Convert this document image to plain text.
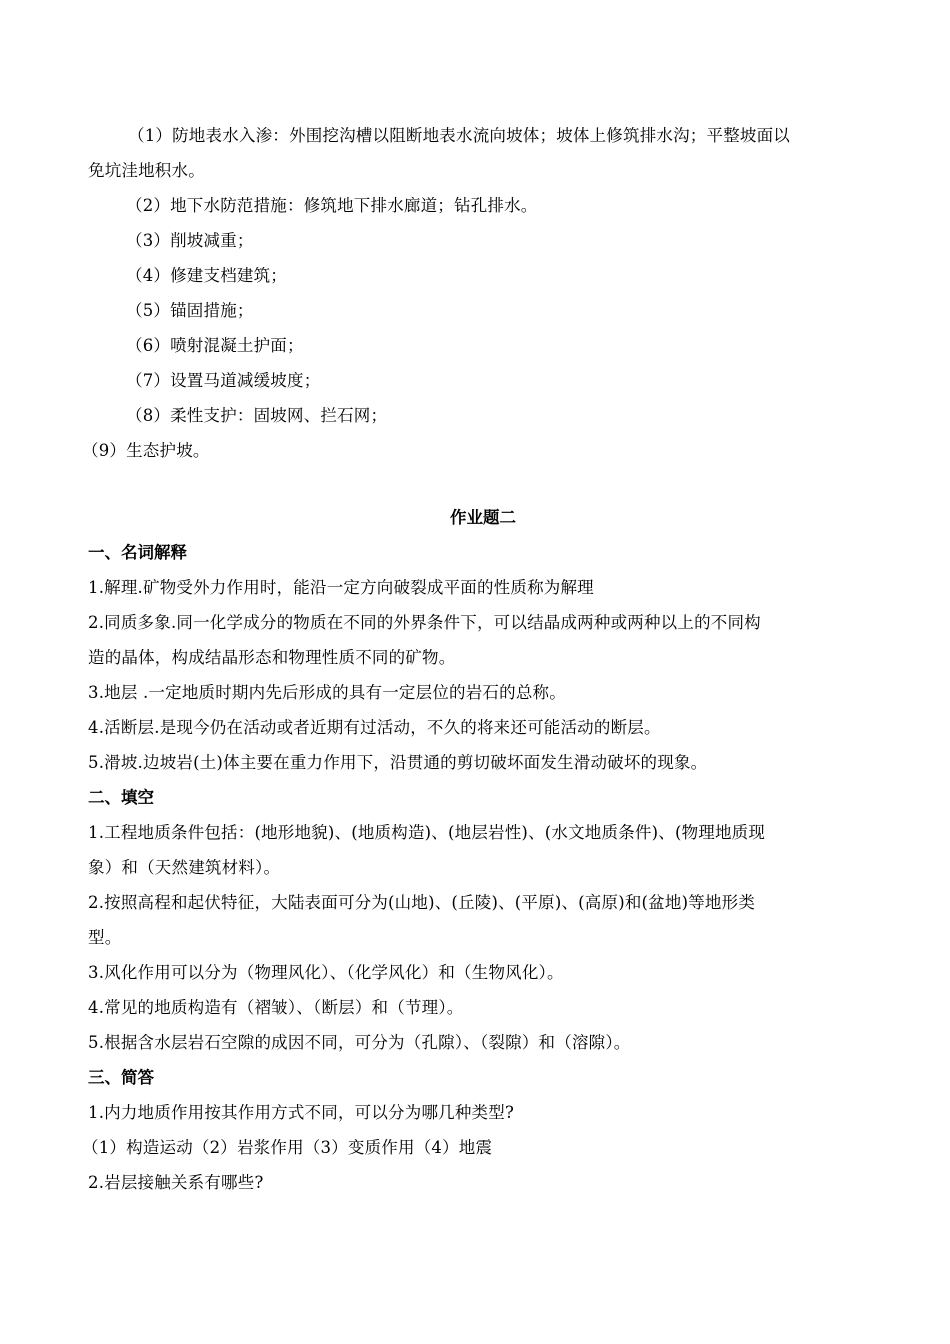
（1）防地表水入渗：外围挖沟槽以阻断地表水流向坡体；坡体上修筑排水沟；平整坡面以
免坑洼地积水。
（2）地下水防范措施：修筑地下排水廊道；钻孔排水。
（3）削坡减重；
（4）修建支档建筑；
（5）锚固措施；
（6）喷射混凝土护面；
（7）设置马道减缓坡度；
（8）柔性支护：固坡网、拦石网；
（9）生态护坡。
作业题二
一、名词解释
1.解理.矿物受外力作用时，能沿一定方向破裂成平面的性质称为解理
2.同质多象.同一化学成分的物质在不同的外界条件下，可以结晶成两种或两种以上的不同构
造的晶体，构成结晶形态和物理性质不同的矿物。
3.地层 .一定地质时期内先后形成的具有一定层位的岩石的总称。
4.活断层.是现今仍在活动或者近期有过活动，不久的将来还可能活动的断层。
5.滑坡.边坡岩(土)体主要在重力作用下，沿贯通的剪切破坏面发生滑动破坏的现象。
二、填空
1.工程地质条件包括：(地形地貌)、(地质构造)、(地层岩性)、(水文地质条件)、(物理地质现
象）和（天然建筑材料）。
2.按照高程和起伏特征，大陆表面可分为(山地)、(丘陵)、(平原)、(高原)和(盆地)等地形类
型。
3.风化作用可以分为（物理风化）、（化学风化）和（生物风化）。
4.常见的地质构造有（褶皱）、（断层）和（节理）。
5.根据含水层岩石空隙的成因不同，可分为（孔隙）、（裂隙）和（溶隙）。
三、简答
1.内力地质作用按其作用方式不同，可以分为哪几种类型?
（1）构造运动（2）岩浆作用（3）变质作用（4）地震
2.岩层接触关系有哪些?
